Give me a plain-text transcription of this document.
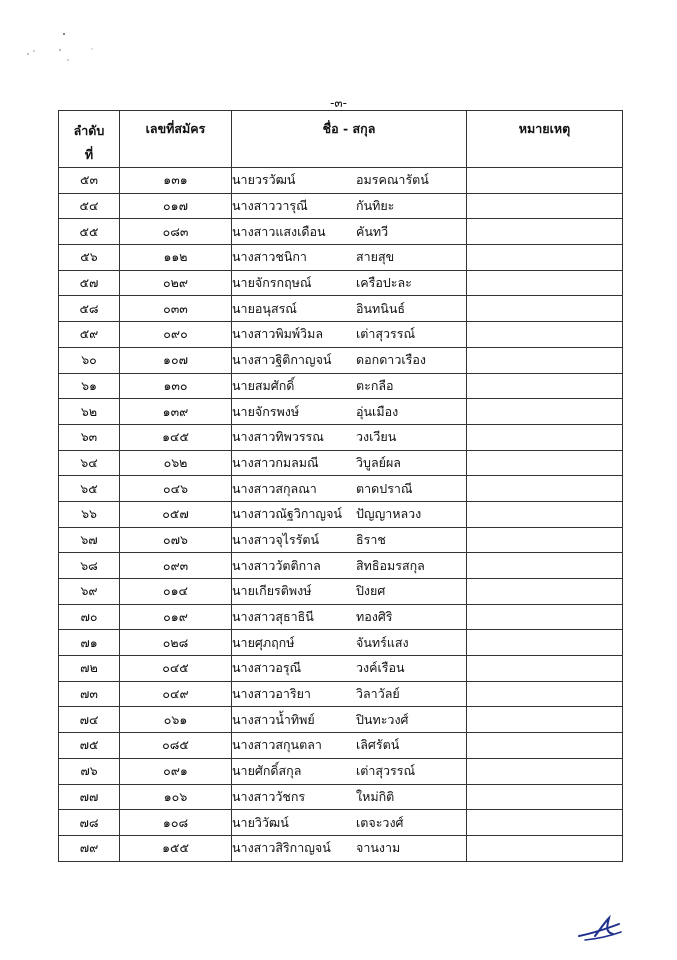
-๓-
ลำดับ
ที่	เลขที่สมัคร	ชื่อ - สกุล	หมายเหตุ
๕๓	๑๓๑	นายวรวัฒน์ อมรคณารัตน์	
๕๔	๐๑๗	นางสาววารุณี กันทิยะ	
๕๕	๐๘๓	นางสาวแสงเดือน คันทวี	
๕๖	๑๑๒	นางสาวชนิกา สายสุข	
๕๗	๐๒๙	นายจักรกฤษณ์ เครือปะละ	
๕๘	๐๓๓	นายอนุสรณ์ อินทนินธ์	
๕๙	๐๙๐	นางสาวพิมพ์วิมล เต่าสุวรรณ์	
๖๐	๑๐๗	นางสาวฐิติกาญจน์ ดอกดาวเรือง	
๖๑	๑๓๐	นายสมศักดิ์ ตะกลือ	
๖๒	๑๓๙	นายจักรพงษ์ อุ่นเมือง	
๖๓	๑๔๕	นางสาวทิพวรรณ วงเวียน	
๖๔	๐๖๒	นางสาวกมลมณี วิบูลย์ผล	
๖๕	๐๔๖	นางสาวสกุลณา ตาดปราณี	
๖๖	๐๕๗	นางสาวณัฐวิกาญจน์ ปัญญาหลวง	
๖๗	๐๗๖	นางสาวจุไรรัตน์ ธิราช	
๖๘	๐๙๓	นางสาววัตติกาล สิทธิอมรสกุล	
๖๙	๐๑๔	นายเกียรติพงษ์ ปิงยศ	
๗๐	๐๑๙	นางสาวสุธาธินี ทองศิริ	
๗๑	๐๒๘	นายศุภฤกษ์ จันทร์แสง	
๗๒	๐๔๕	นางสาวอรุณี วงค์เรือน	
๗๓	๐๔๙	นางสาวอาริยา วิลาวัลย์	
๗๔	๐๖๑	นางสาวน้ำทิพย์ ปินทะวงศ์	
๗๕	๐๘๕	นางสาวสกุนตลา เลิศรัตน์	
๗๖	๐๙๑	นายศักดิ์สกุล เต่าสุวรรณ์	
๗๗	๑๐๖	นางสาววัชกร ใหม่กิติ	
๗๘	๑๐๘	นายวิวัฒน์ เตจะวงศ์	
๗๙	๑๕๕	นางสาวสิริกาญจน์ จานงาม	
